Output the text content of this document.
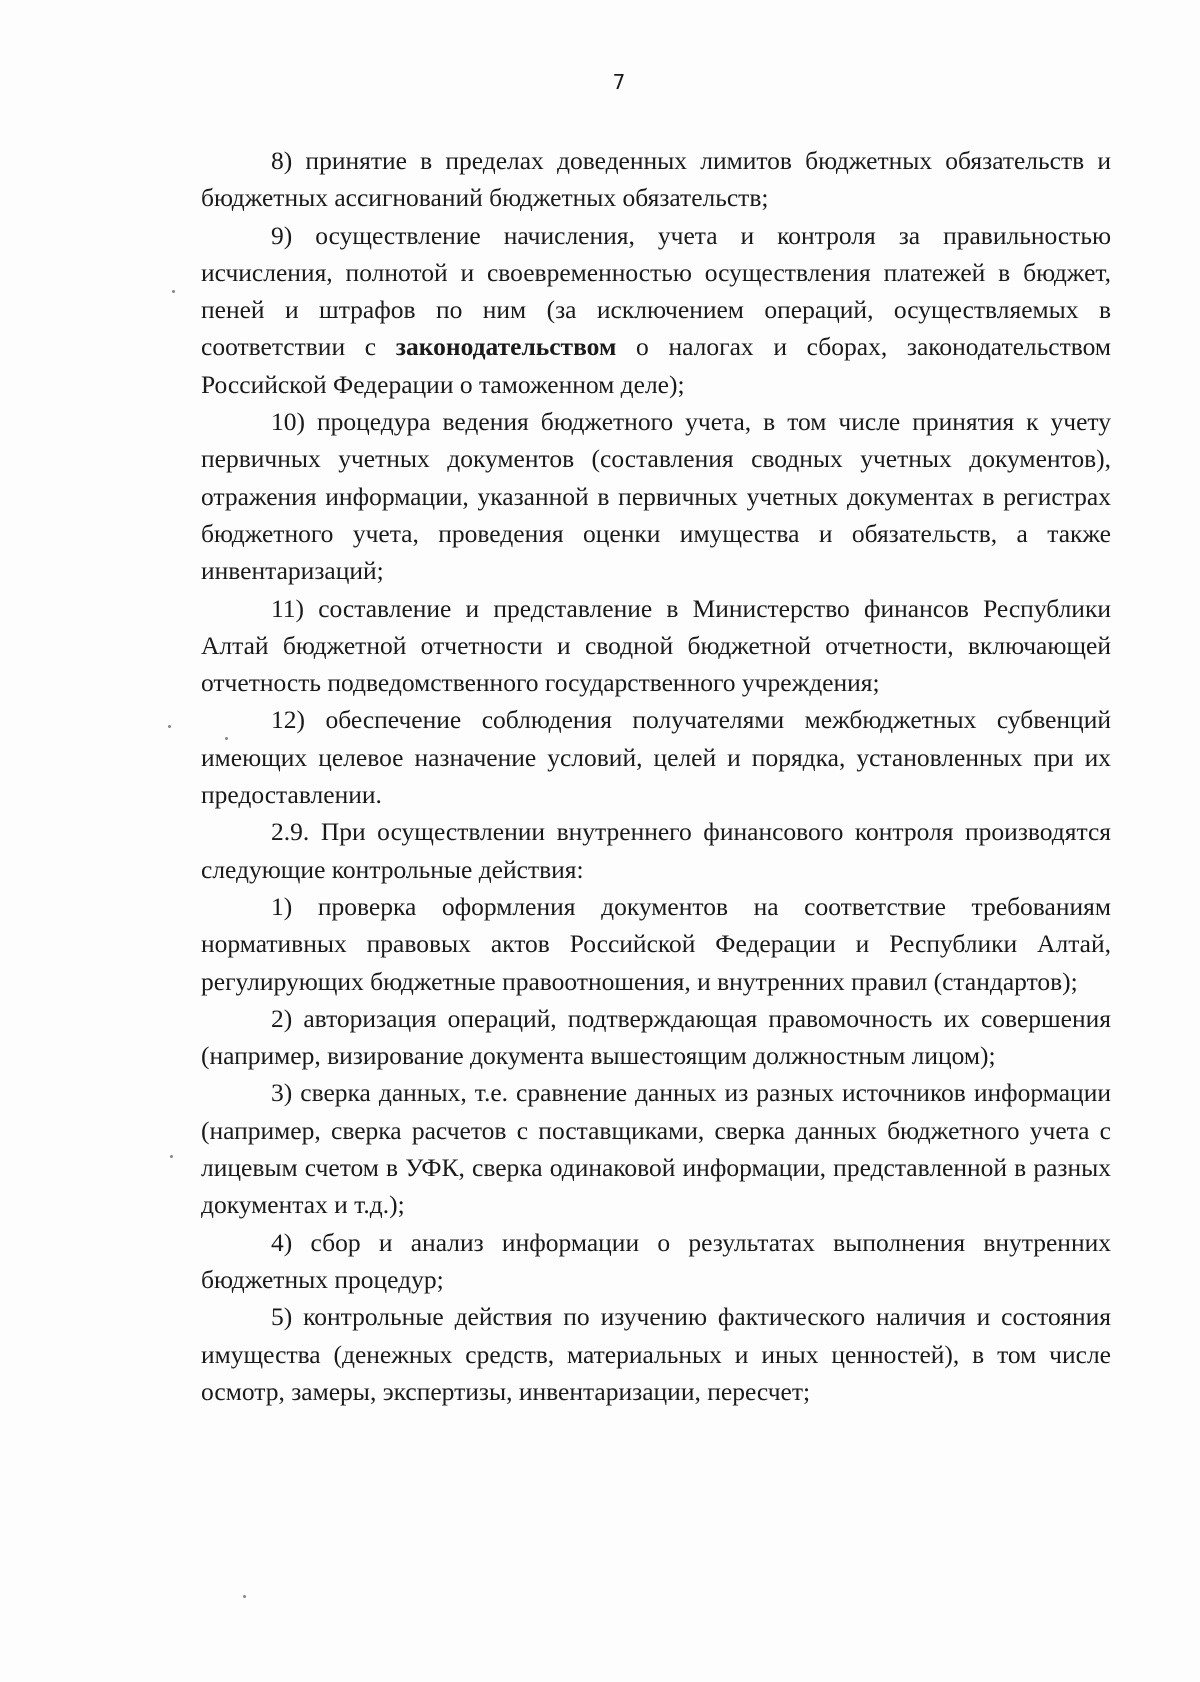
7

8) принятие в пределах доведенных лимитов бюджетных обязательств и бюджетных ассигнований бюджетных обязательств;

9) осуществление начисления, учета и контроля за правильностью исчисления, полнотой и своевременностью осуществления платежей в бюджет, пеней и штрафов по ним (за исключением операций, осуществляемых в соответствии с законодательством о налогах и сборах, законодательством Российской Федерации о таможенном деле);

10) процедура ведения бюджетного учета, в том числе принятия к учету первичных учетных документов (составления сводных учетных документов), отражения информации, указанной в первичных учетных документах в регистрах бюджетного учета, проведения оценки имущества и обязательств, а также инвентаризаций;

11) составление и представление в Министерство финансов Республики Алтай бюджетной отчетности и сводной бюджетной отчетности, включающей отчетность подведомственного государственного учреждения;

12) обеспечение соблюдения получателями межбюджетных субвенций имеющих целевое назначение условий, целей и порядка, установленных при их предоставлении.

2.9. При осуществлении внутреннего финансового контроля производятся следующие контрольные действия:

1) проверка оформления документов на соответствие требованиям нормативных правовых актов Российской Федерации и Республики Алтай, регулирующих бюджетные правоотношения, и внутренних правил (стандартов);

2) авторизация операций, подтверждающая правомочность их совершения (например, визирование документа вышестоящим должностным лицом);

3) сверка данных, т.е. сравнение данных из разных источников информации (например, сверка расчетов с поставщиками, сверка данных бюджетного учета с лицевым счетом в УФК, сверка одинаковой информации, представленной в разных документах и т.д.);

4) сбор и анализ информации о результатах выполнения внутренних бюджетных процедур;

5) контрольные действия по изучению фактического наличия и состояния имущества (денежных средств, материальных и иных ценностей), в том числе осмотр, замеры, экспертизы, инвентаризации, пересчет;
